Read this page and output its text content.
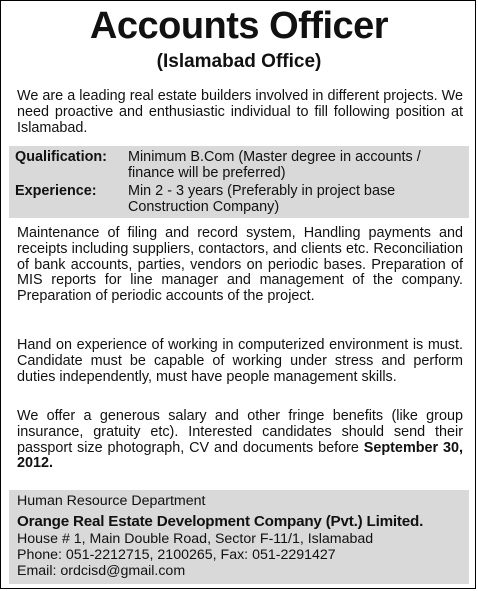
Accounts Officer
(Islamabad Office)
We are a leading real estate builders involved in different projects. We need proactive and enthusiastic individual to fill following position at Islamabad.
Qualification: Minimum B.Com (Master degree in accounts / finance will be preferred)
Experience: Min 2 - 3 years (Preferably in project base Construction Company)
Maintenance of filing and record system, Handling payments and receipts including suppliers, contactors, and clients etc. Reconciliation of bank accounts, parties, vendors on periodic bases. Preparation of MIS reports for line manager and management of the company. Preparation of periodic accounts of the project.
Hand on experience of working in computerized environment is must. Candidate must be capable of working under stress and perform duties independently, must have people management skills.
We offer a generous salary and other fringe benefits (like group insurance, gratuity etc). Interested candidates should send their passport size photograph, CV and documents before September 30, 2012.
Human Resource Department
Orange Real Estate Development Company (Pvt.) Limited.
House # 1, Main Double Road, Sector F-11/1, Islamabad
Phone: 051-2212715, 2100265, Fax: 051-2291427
Email: ordcisd@gmail.com
